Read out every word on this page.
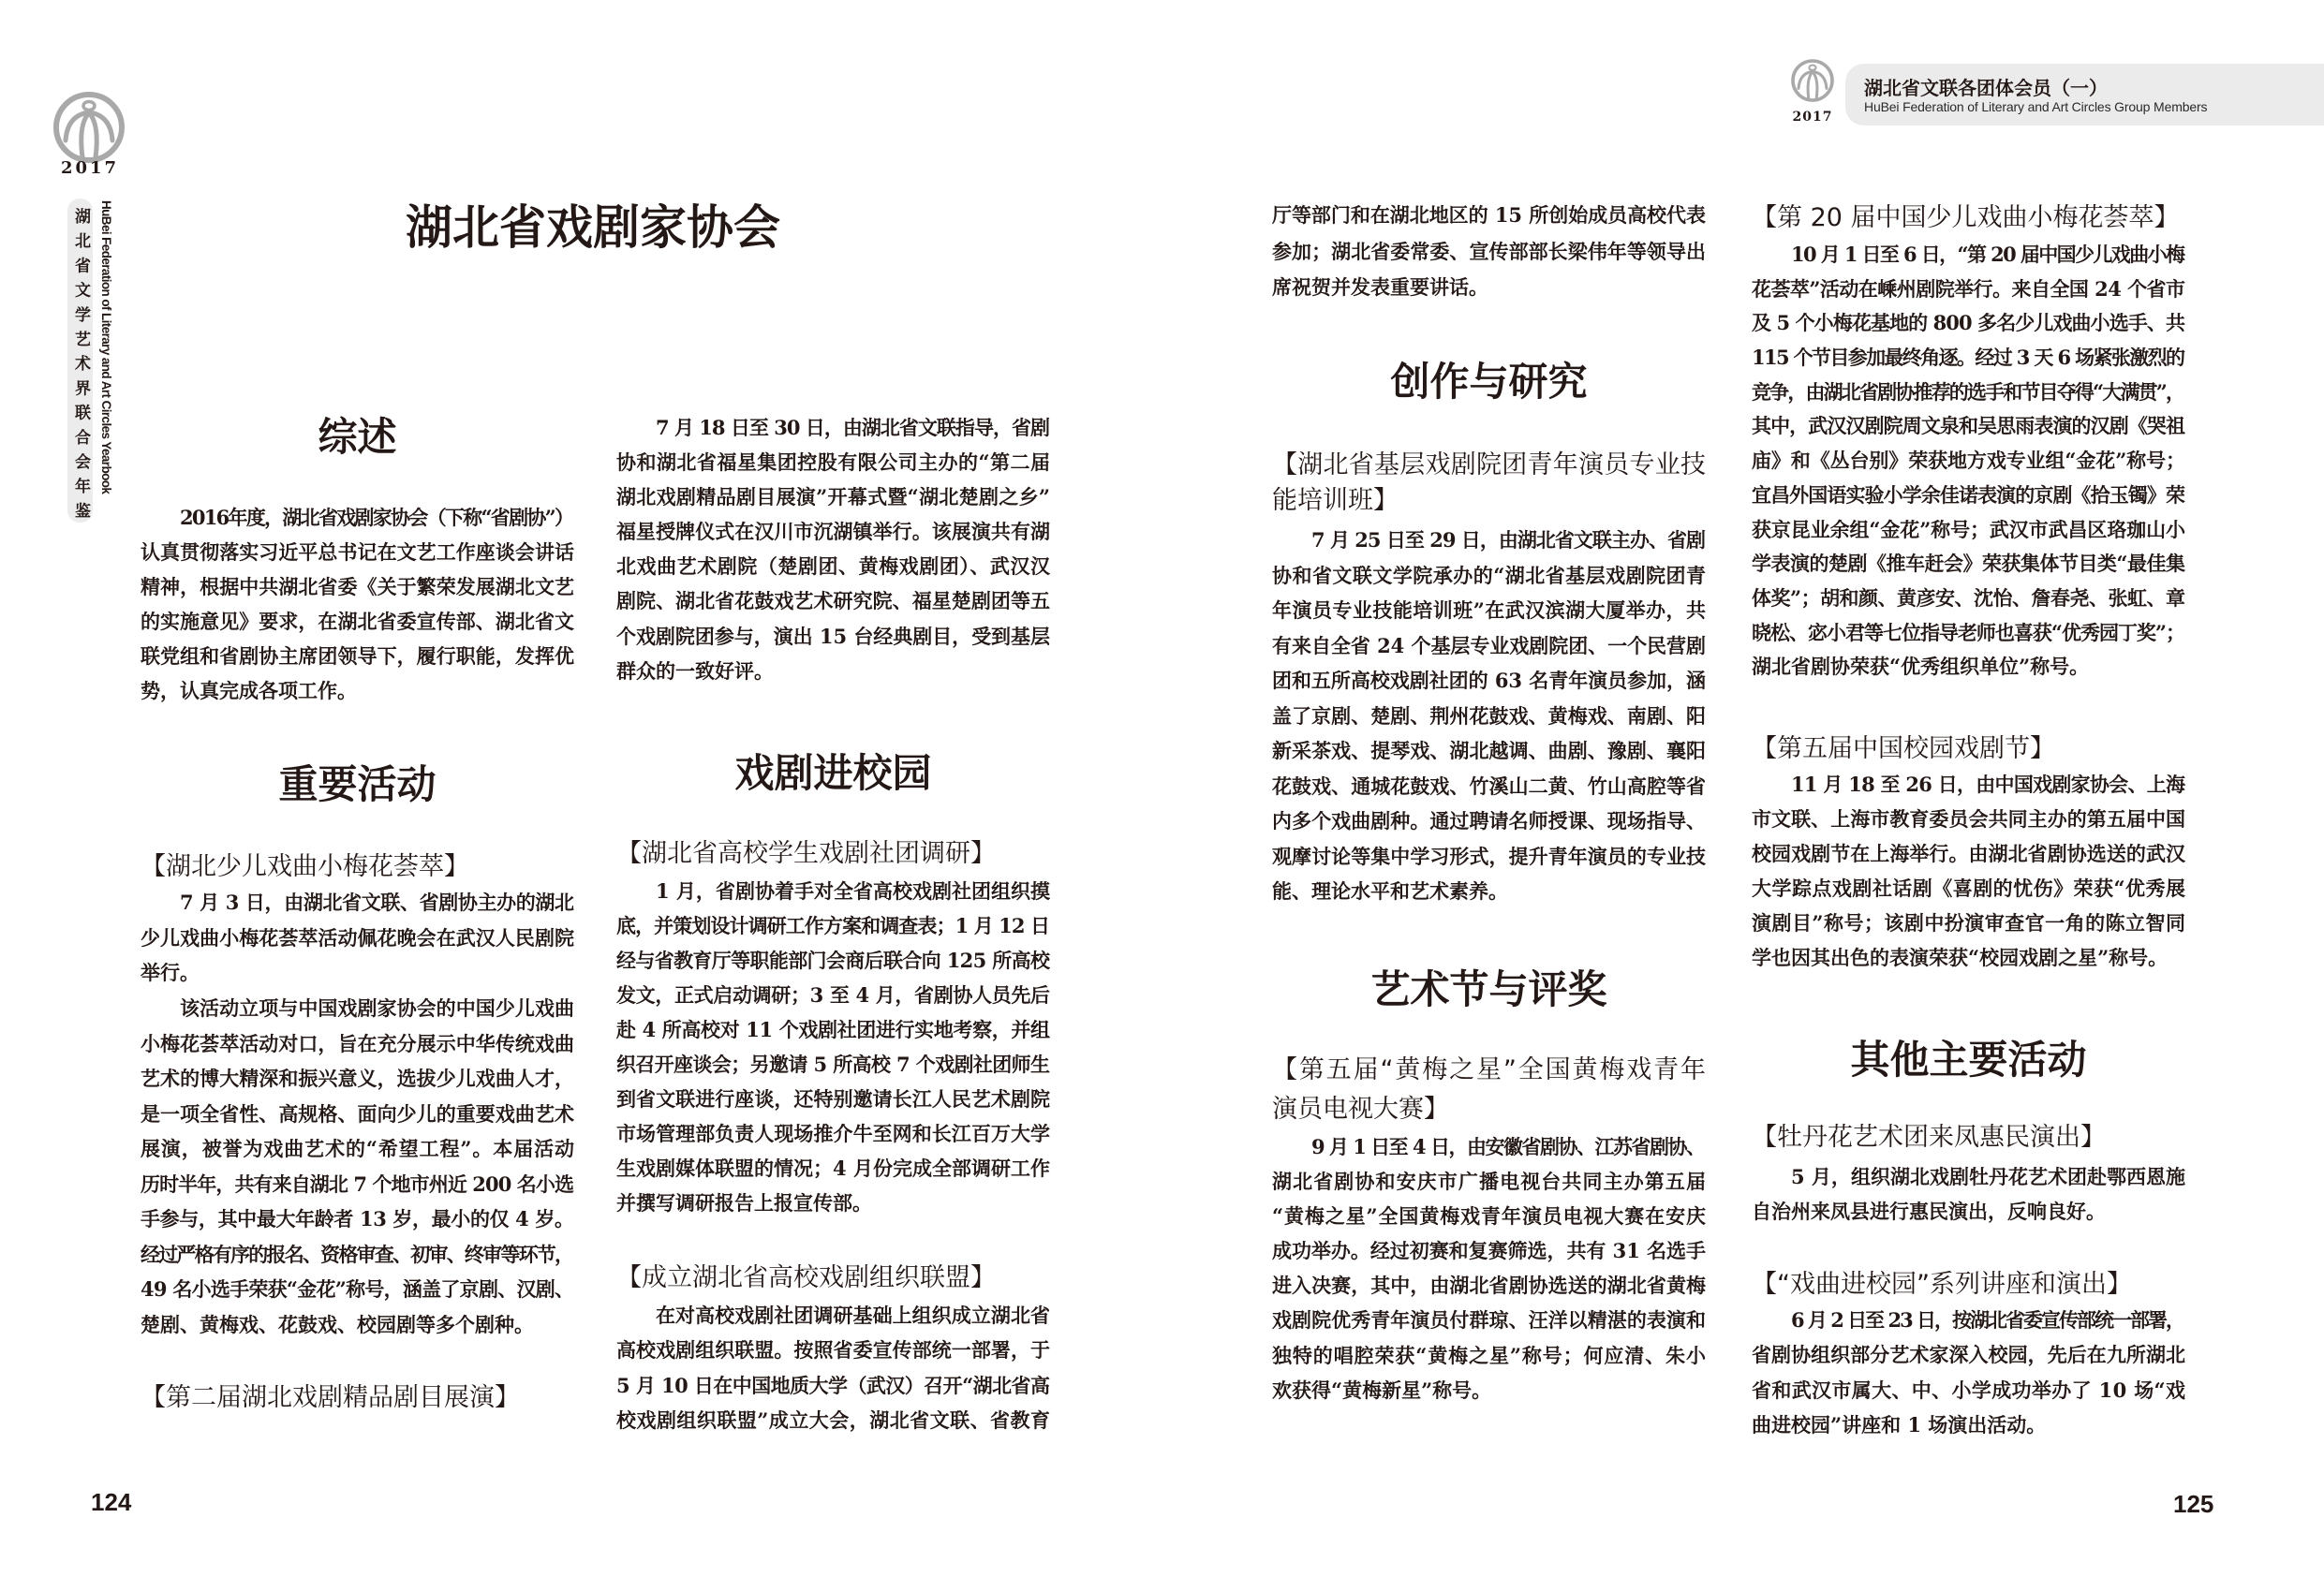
2017
湖北省文学艺术界联合会年鉴 HuBei Federation of Literary and Art Circles Yearbook	湖北省戏剧家协会
综述
2016年度，湖北省戏剧家协会（下称“省剧协”）
认真贯彻落实习近平总书记在文艺工作座谈会讲话
精神，根据中共湖北省委《关于繁荣发展湖北文艺
的实施意见》要求，在湖北省委宣传部、湖北省文
联党组和省剧协主席团领导下，履行职能，发挥优
势，认真完成各项工作。
重要活动
【湖北少儿戏曲小梅花荟萃】
7 月 3 日，由湖北省文联、省剧协主办的湖北
少儿戏曲小梅花荟萃活动佩花晚会在武汉人民剧院
举行。
该活动立项与中国戏剧家协会的中国少儿戏曲
小梅花荟萃活动对口，旨在充分展示中华传统戏曲
艺术的博大精深和振兴意义，选拔少儿戏曲人才，
是一项全省性、高规格、面向少儿的重要戏曲艺术
展演，被誉为戏曲艺术的“希望工程”。本届活动
历时半年，共有来自湖北 7 个地市州近 200 名小选
手参与，其中最大年龄者 13 岁，最小的仅 4 岁。
经过严格有序的报名、资格审查、初审、终审等环节，
49 名小选手荣获“金花”称号，涵盖了京剧、汉剧、
楚剧、黄梅戏、花鼓戏、校园剧等多个剧种。
【第二届湖北戏剧精品剧目展演】
7 月 18 日至 30 日，由湖北省文联指导，省剧
协和湖北省福星集团控股有限公司主办的“第二届
湖北戏剧精品剧目展演”开幕式暨“湖北楚剧之乡”
福星授牌仪式在汉川市沉湖镇举行。该展演共有湖
北戏曲艺术剧院（楚剧团、黄梅戏剧团）、武汉汉
剧院、湖北省花鼓戏艺术研究院、福星楚剧团等五
个戏剧院团参与，演出 15 台经典剧目，受到基层
群众的一致好评。
戏剧进校园
【湖北省高校学生戏剧社团调研】
1 月，省剧协着手对全省高校戏剧社团组织摸
底，并策划设计调研工作方案和调查表；1 月 12 日
经与省教育厅等职能部门会商后联合向 125 所高校
发文，正式启动调研；3 至 4 月，省剧协人员先后
赴 4 所高校对 11 个戏剧社团进行实地考察，并组
织召开座谈会；另邀请 5 所高校 7 个戏剧社团师生
到省文联进行座谈，还特别邀请长江人民艺术剧院
市场管理部负责人现场推介牛至网和长江百万大学
生戏剧媒体联盟的情况；4 月份完成全部调研工作
并撰写调研报告上报宣传部。
【成立湖北省高校戏剧组织联盟】
在对高校戏剧社团调研基础上组织成立湖北省
高校戏剧组织联盟。按照省委宣传部统一部署，于
5 月 10 日在中国地质大学（武汉）召开“湖北省高
校戏剧组织联盟”成立大会，湖北省文联、省教育
124
2017
湖北省文联各团体会员（一）
HuBei Federation of Literary and Art Circles Group Members
厅等部门和在湖北地区的 15 所创始成员高校代表
参加；湖北省委常委、宣传部部长梁伟年等领导出
席祝贺并发表重要讲话。
创作与研究
【湖北省基层戏剧院团青年演员专业技
能培训班】
7 月 25 日至 29 日，由湖北省文联主办、省剧
协和省文联文学院承办的“湖北省基层戏剧院团青
年演员专业技能培训班”在武汉滨湖大厦举办，共
有来自全省 24 个基层专业戏剧院团、一个民营剧
团和五所高校戏剧社团的 63 名青年演员参加，涵
盖了京剧、楚剧、荆州花鼓戏、黄梅戏、南剧、阳
新采茶戏、提琴戏、湖北越调、曲剧、豫剧、襄阳
花鼓戏、通城花鼓戏、竹溪山二黄、竹山高腔等省
内多个戏曲剧种。通过聘请名师授课、现场指导、
观摩讨论等集中学习形式，提升青年演员的专业技
能、理论水平和艺术素养。
艺术节与评奖
【第五届“黄梅之星”全国黄梅戏青年
演员电视大赛】
9 月 1 日至 4 日，由安徽省剧协、江苏省剧协、
湖北省剧协和安庆市广播电视台共同主办第五届
“黄梅之星”全国黄梅戏青年演员电视大赛在安庆
成功举办。经过初赛和复赛筛选，共有 31 名选手
进入决赛，其中，由湖北省剧协选送的湖北省黄梅
戏剧院优秀青年演员付群琼、汪洋以精湛的表演和
独特的唱腔荣获“黄梅之星”称号；何应清、朱小
欢获得“黄梅新星”称号。
【第 20 届中国少儿戏曲小梅花荟萃】
10 月 1 日至 6 日，“第 20 届中国少儿戏曲小梅
花荟萃”活动在嵊州剧院举行。来自全国 24 个省市
及 5 个小梅花基地的 800 多名少儿戏曲小选手、共
115 个节目参加最终角逐。经过 3 天 6 场紧张激烈的
竞争，由湖北省剧协推荐的选手和节目夺得“大满贯”，
其中，武汉汉剧院周文泉和吴思雨表演的汉剧《哭祖
庙》和《丛台别》荣获地方戏专业组“金花”称号；
宜昌外国语实验小学余佳诺表演的京剧《拾玉镯》荣
获京昆业余组“金花”称号；武汉市武昌区珞珈山小
学表演的楚剧《推车赶会》荣获集体节目类“最佳集
体奖”；胡和颜、黄彦安、沈怡、詹春尧、张虹、章
晓松、宓小君等七位指导老师也喜获“优秀园丁奖”；
湖北省剧协荣获“优秀组织单位”称号。
【第五届中国校园戏剧节】
11 月 18 至 26 日，由中国戏剧家协会、上海
市文联、上海市教育委员会共同主办的第五届中国
校园戏剧节在上海举行。由湖北省剧协选送的武汉
大学踪点戏剧社话剧《喜剧的忧伤》荣获“优秀展
演剧目”称号；该剧中扮演审查官一角的陈立智同
学也因其出色的表演荣获“校园戏剧之星”称号。
其他主要活动
【牡丹花艺术团来凤惠民演出】
5 月，组织湖北戏剧牡丹花艺术团赴鄂西恩施
自治州来凤县进行惠民演出，反响良好。
【“戏曲进校园”系列讲座和演出】
6 月 2 日至 23 日，按湖北省委宣传部统一部署，
省剧协组织部分艺术家深入校园，先后在九所湖北
省和武汉市属大、中、小学成功举办了 10 场“戏
曲进校园”讲座和 1 场演出活动。
125
